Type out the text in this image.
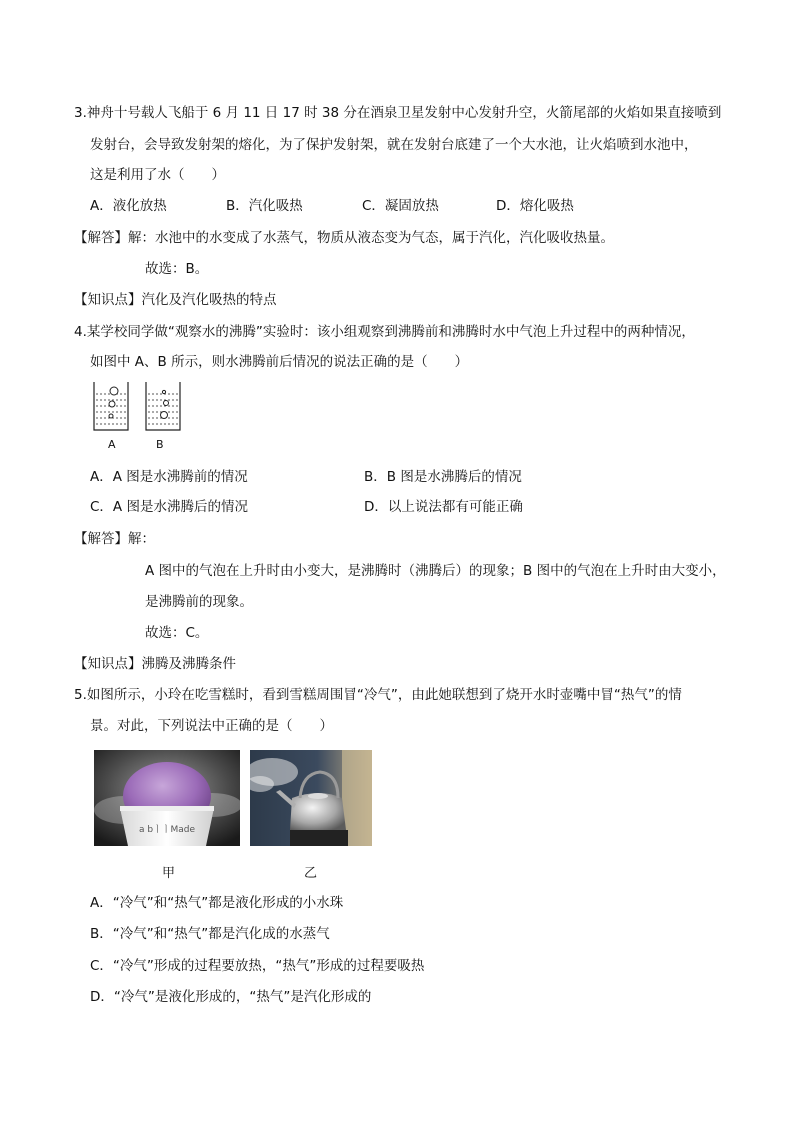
3.神舟十号载人飞船于 6 月 11 日 17 时 38 分在酒泉卫星发射中心发射升空，火箭尾部的火焰如果直接喷到
发射台，会导致发射架的熔化，为了保护发射架，就在发射台底建了一个大水池，让火焰喷到水池中，
这是利用了水（　　）
A．液化放热	B．汽化吸热	C．凝固放热	D．熔化吸热
【解答】解：水池中的水变成了水蒸气，物质从液态变为气态，属于汽化，汽化吸收热量。
故选：B。
【知识点】汽化及汽化吸热的特点
4.某学校同学做“观察水的沸腾”实验时：该小组观察到沸腾前和沸腾时水中气泡上升过程中的两种情况，
如图中 A、B 所示，则水沸腾前后情况的说法正确的是（　　）
A	B
A．A 图是水沸腾前的情况	B．B 图是水沸腾后的情况
C．A 图是水沸腾后的情况	D．以上说法都有可能正确
【解答】解：
A 图中的气泡在上升时由小变大，是沸腾时（沸腾后）的现象；B 图中的气泡在上升时由大变小，
是沸腾前的现象。
故选：C。
【知识点】沸腾及沸腾条件
5.如图所示，小玲在吃雪糕时，看到雪糕周围冒“冷气”，由此她联想到了烧开水时壶嘴中冒“热气”的情
景。对此，下列说法中正确的是（　　）
a bㅣㅣMade
甲	乙
A．“冷气”和“热气”都是液化形成的小水珠
B．“冷气”和“热气”都是汽化成的水蒸气
C．“冷气”形成的过程要放热，“热气”形成的过程要吸热
D．“冷气”是液化形成的，“热气”是汽化形成的
